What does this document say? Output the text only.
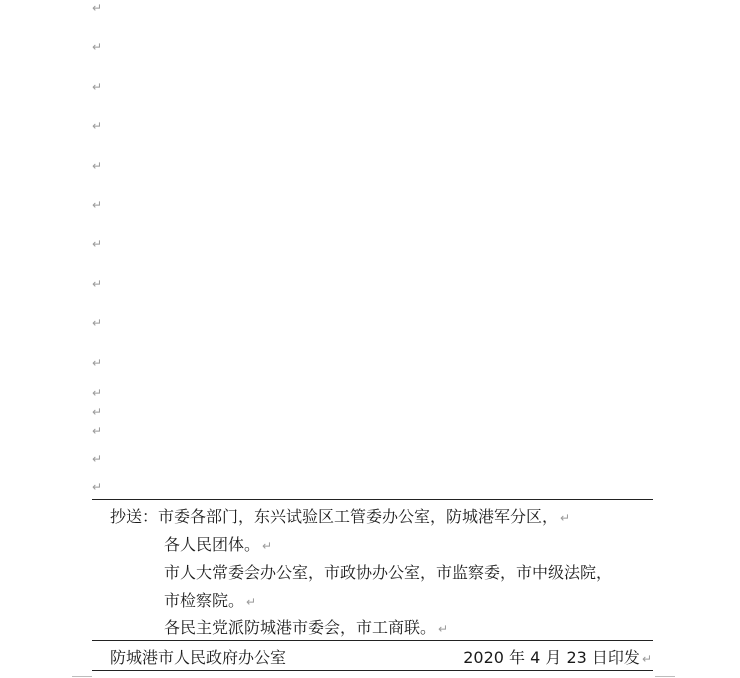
↵
↵
↵
↵
↵
↵
↵
↵
↵
↵
↵
↵
↵
↵
↵
抄送：市委各部门，东兴试验区工管委办公室，防城港军分区， ↵
各人民团体。 ↵
市人大常委会办公室，市政协办公室，市监察委，市中级法院，
市检察院。 ↵
各民主党派防城港市委会，市工商联。 ↵
防城港市人民政府办公室	2020 年 4 月 23 日印发 ↵
